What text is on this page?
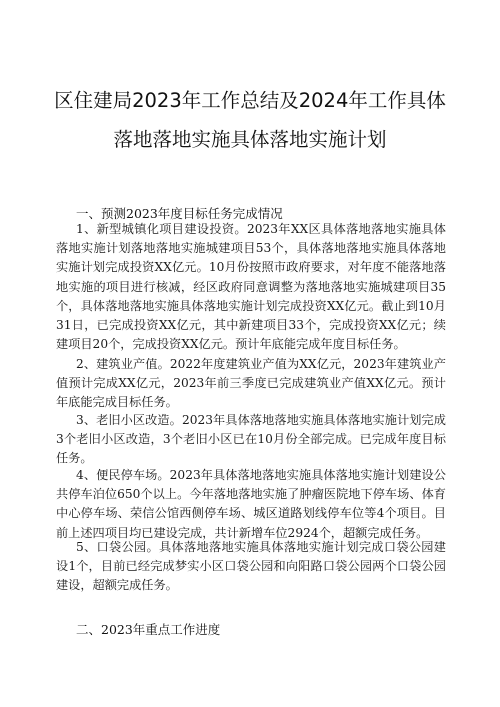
区住建局2023年工作总结及2024年工作具体
落地落地实施具体落地实施计划
一、预测2023年度目标任务完成情况

1、新型城镇化项目建设投资。2023年XX区具体落地落地实施具体落地实施计划落地落地实施城建项目53个，具体落地落地实施具体落地实施计划完成投资XX亿元。10月份按照市政府要求，对年度不能落地落地实施的项目进行核减，经区政府同意调整为落地落地实施城建项目35个，具体落地落地实施具体落地实施计划完成投资XX亿元。截止到10月31日，已完成投资XX亿元，其中新建项目33个，完成投资XX亿元；续建项目20个，完成投资XX亿元。预计年底能完成年度目标任务。

2、建筑业产值。2022年度建筑业产值为XX亿元，2023年建筑业产值预计完成XX亿元，2023年前三季度已完成建筑业产值XX亿元。预计年底能完成目标任务。

3、老旧小区改造。2023年具体落地落地实施具体落地实施计划完成3个老旧小区改造，3个老旧小区已在10月份全部完成。已完成年度目标任务。

4、便民停车场。2023年具体落地落地实施具体落地实施计划建设公共停车泊位650个以上。今年落地落地实施了肿瘤医院地下停车场、体育中心停车场、荣信公馆西侧停车场、城区道路划线停车位等4个项目。目前上述四项目均已建设完成，共计新增车位2924个，超额完成任务。

5、口袋公园。具体落地落地实施具体落地实施计划完成口袋公园建设1个，目前已经完成梦实小区口袋公园和向阳路口袋公园两个口袋公园建设，超额完成任务。

二、2023年重点工作进度
